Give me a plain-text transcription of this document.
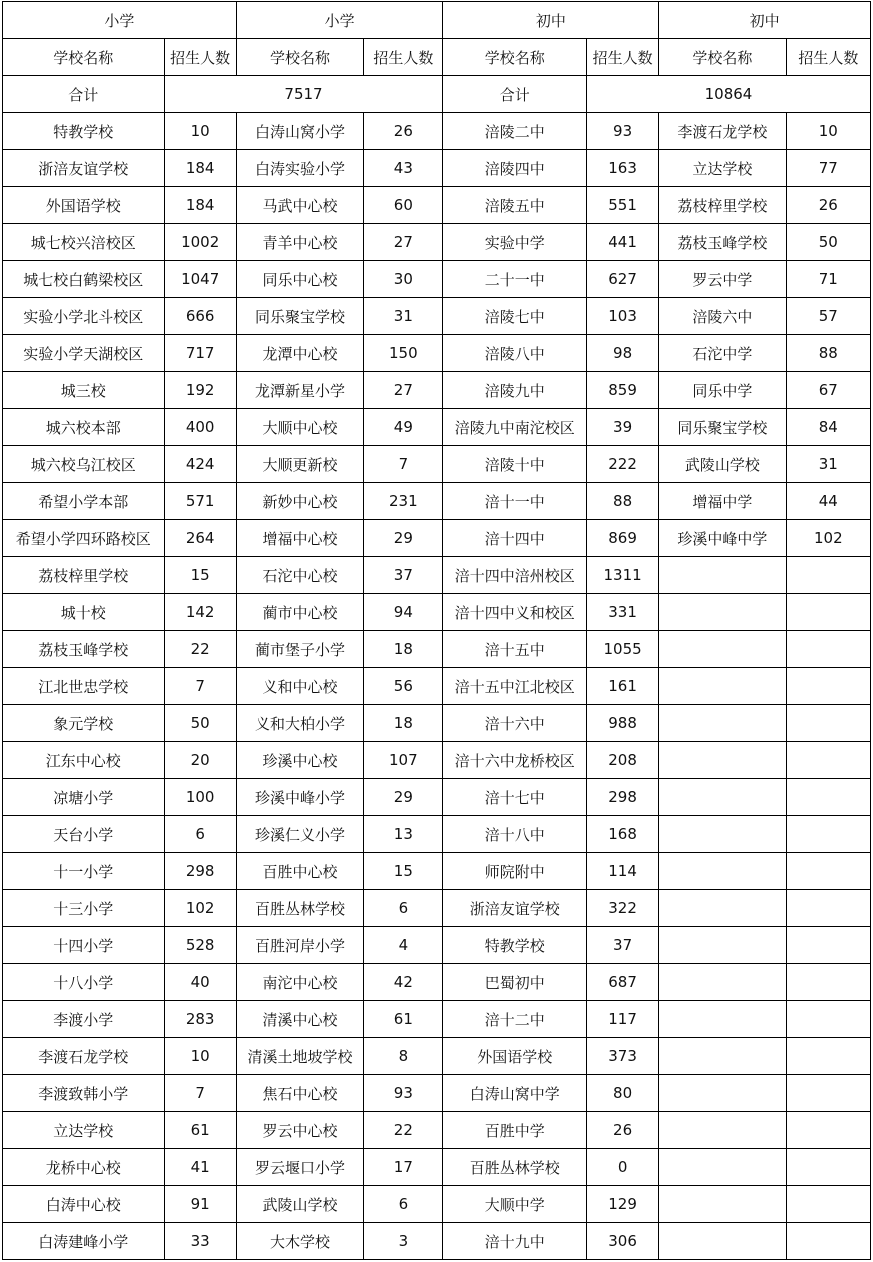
小学		小学		初中		初中	
学校名称	招生人数	学校名称	招生人数	学校名称	招生人数	学校名称	招生人数
合计	7517			合计	10864		
特教学校	10	白涛山窝小学	26	涪陵二中	93	李渡石龙学校	10
浙涪友谊学校	184	白涛实验小学	43	涪陵四中	163	立达学校	77
外国语学校	184	马武中心校	60	涪陵五中	551	荔枝梓里学校	26
城七校兴涪校区	1002	青羊中心校	27	实验中学	441	荔枝玉峰学校	50
城七校白鹤梁校区	1047	同乐中心校	30	二十一中	627	罗云中学	71
实验小学北斗校区	666	同乐聚宝学校	31	涪陵七中	103	涪陵六中	57
实验小学天湖校区	717	龙潭中心校	150	涪陵八中	98	石沱中学	88
城三校	192	龙潭新星小学	27	涪陵九中	859	同乐中学	67
城六校本部	400	大顺中心校	49	涪陵九中南沱校区	39	同乐聚宝学校	84
城六校乌江校区	424	大顺更新校	7	涪陵十中	222	武陵山学校	31
希望小学本部	571	新妙中心校	231	涪十一中	88	增福中学	44
希望小学四环路校区	264	增福中心校	29	涪十四中	869	珍溪中峰中学	102
荔枝梓里学校	15	石沱中心校	37	涪十四中涪州校区	1311		
城十校	142	蔺市中心校	94	涪十四中义和校区	331		
荔枝玉峰学校	22	蔺市堡子小学	18	涪十五中	1055		
江北世忠学校	7	义和中心校	56	涪十五中江北校区	161		
象元学校	50	义和大柏小学	18	涪十六中	988		
江东中心校	20	珍溪中心校	107	涪十六中龙桥校区	208		
凉塘小学	100	珍溪中峰小学	29	涪十七中	298		
天台小学	6	珍溪仁义小学	13	涪十八中	168		
十一小学	298	百胜中心校	15	师院附中	114		
十三小学	102	百胜丛林学校	6	浙涪友谊学校	322		
十四小学	528	百胜河岸小学	4	特教学校	37		
十八小学	40	南沱中心校	42	巴蜀初中	687		
李渡小学	283	清溪中心校	61	涪十二中	117		
李渡石龙学校	10	清溪土地坡学校	8	外国语学校	373		
李渡致韩小学	7	焦石中心校	93	白涛山窝中学	80		
立达学校	61	罗云中心校	22	百胜中学	26		
龙桥中心校	41	罗云堰口小学	17	百胜丛林学校	0		
白涛中心校	91	武陵山学校	6	大顺中学	129		
白涛建峰小学	33	大木学校	3	涪十九中	306		
